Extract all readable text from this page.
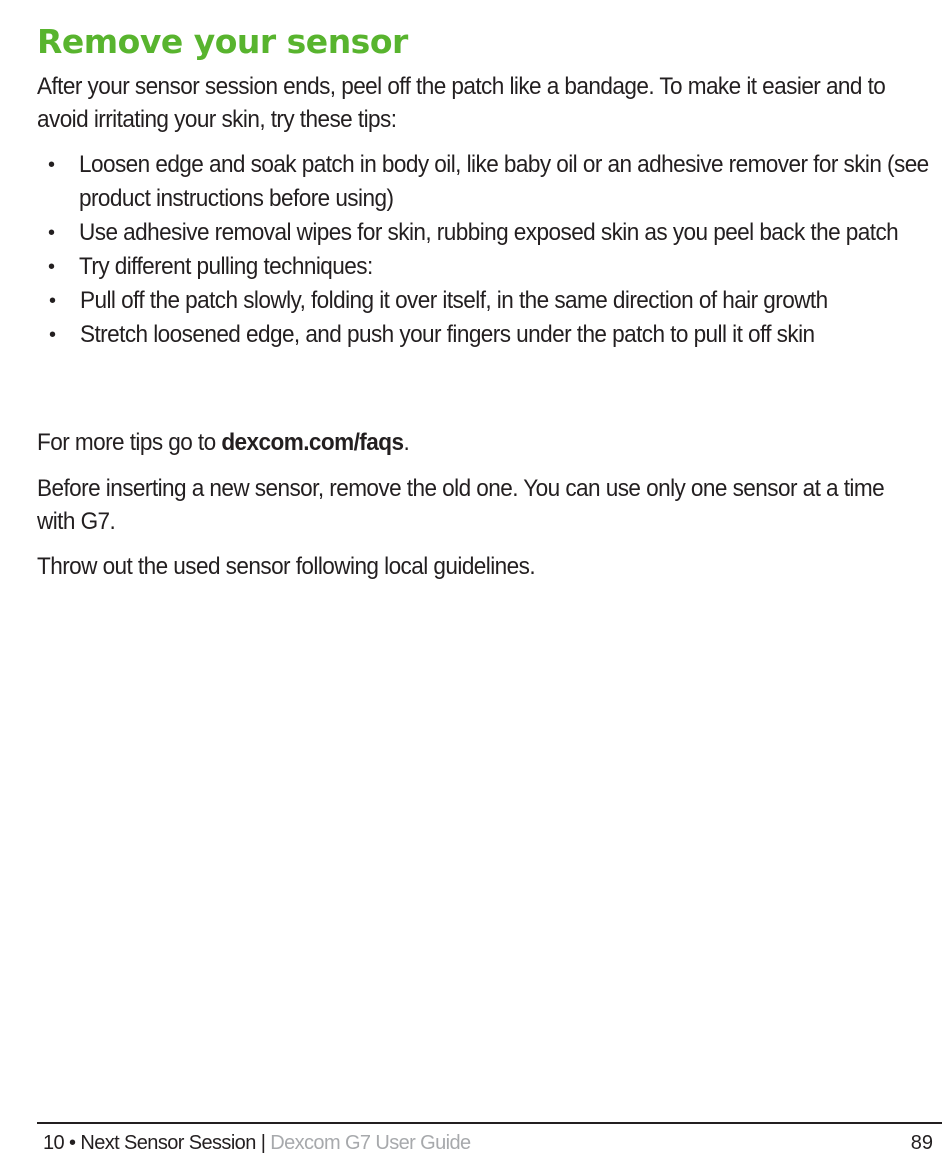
Remove your sensor
After your sensor session ends, peel off the patch like a bandage. To make it easier and to avoid irritating your skin, try these tips:
• Loosen edge and soak patch in body oil, like baby oil or an adhesive remover for skin (see product instructions before using)
• Use adhesive removal wipes for skin, rubbing exposed skin as you peel back the patch
• Try different pulling techniques:
• Pull off the patch slowly, folding it over itself, in the same direction of hair growth
• Stretch loosened edge, and push your fingers under the patch to pull it off skin
For more tips go to dexcom.com/faqs.
Before inserting a new sensor, remove the old one. You can use only one sensor at a time with G7.
Throw out the used sensor following local guidelines.
10 • Next Sensor Session | Dexcom G7 User Guide	89
